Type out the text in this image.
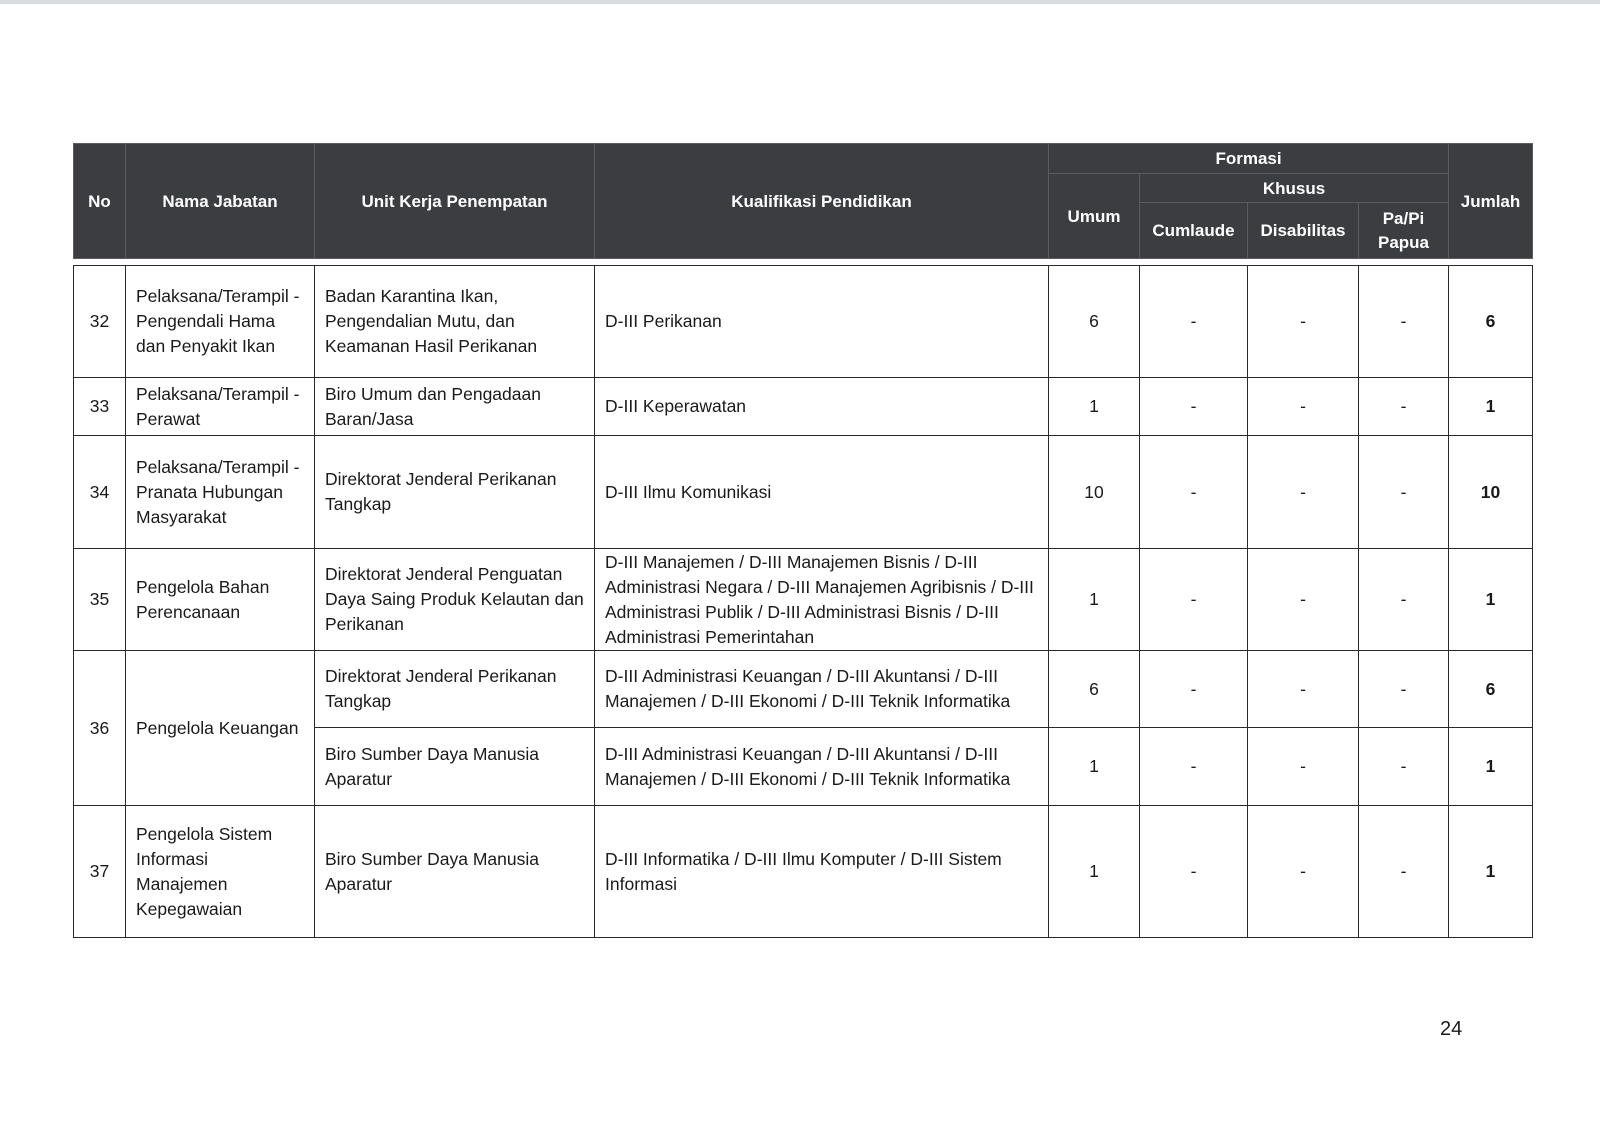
No	Nama Jabatan	Unit Kerja Penempatan	Kualifikasi Pendidikan	Formasi				Jumlah
				Umum	Khusus			
					Cumlaude	Disabilitas	Pa/Pi
Papua	

32	Pelaksana/Terampil - Pengendali Hama dan Penyakit Ikan	Badan Karantina Ikan, Pengendalian Mutu, dan Keamanan Hasil Perikanan	D-III Perikanan	6	-	-	-	6
33	Pelaksana/Terampil - Perawat	Biro Umum dan Pengadaan Baran/Jasa	D-III Keperawatan	1	-	-	-	1
34	Pelaksana/Terampil - Pranata Hubungan Masyarakat	Direktorat Jenderal Perikanan Tangkap	D-III Ilmu Komunikasi	10	-	-	-	10
35	Pengelola Bahan Perencanaan	Direktorat Jenderal Penguatan Daya Saing Produk Kelautan dan Perikanan	D-III Manajemen / D-III Manajemen Bisnis / D-III Administrasi Negara / D-III Manajemen Agribisnis / D-III Administrasi Publik / D-III Administrasi Bisnis / D-III Administrasi Pemerintahan	1	-	-	-	1
36	Pengelola Keuangan	Direktorat Jenderal Perikanan Tangkap	D-III Administrasi Keuangan / D-III Akuntansi / D-III Manajemen / D-III Ekonomi / D-III Teknik Informatika	6	-	-	-	6
		Biro Sumber Daya Manusia Aparatur	D-III Administrasi Keuangan / D-III Akuntansi / D-III Manajemen / D-III Ekonomi / D-III Teknik Informatika	1	-	-	-	1
37	Pengelola Sistem Informasi Manajemen Kepegawaian	Biro Sumber Daya Manusia Aparatur	D-III Informatika / D-III Ilmu Komputer / D-III Sistem Informasi	1	-	-	-	1
24
